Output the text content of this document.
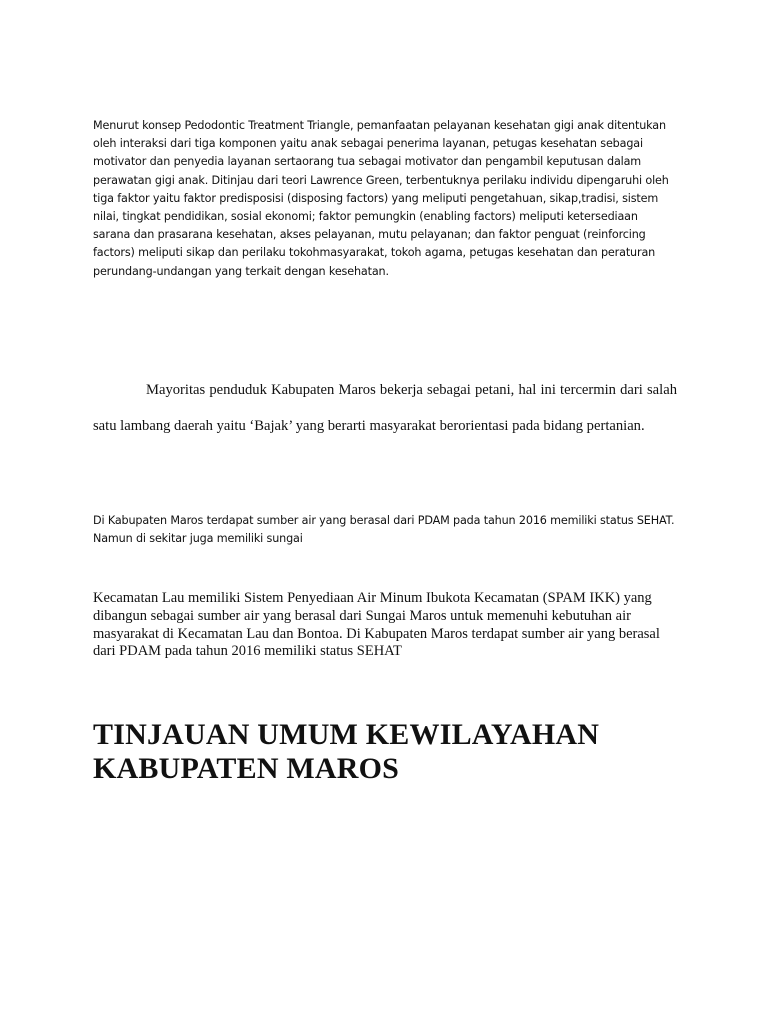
Menurut konsep Pedodontic Treatment Triangle, pemanfaatan pelayanan kesehatan gigi anak ditentukan oleh interaksi dari tiga komponen yaitu anak sebagai penerima layanan, petugas kesehatan sebagai motivator dan penyedia layanan sertaorang tua sebagai motivator dan pengambil keputusan dalam perawatan gigi anak. Ditinjau dari teori Lawrence Green, terbentuknya perilaku individu dipengaruhi oleh tiga faktor yaitu faktor predisposisi (disposing factors) yang meliputi pengetahuan, sikap,tradisi, sistem nilai, tingkat pendidikan, sosial ekonomi; faktor pemungkin (enabling factors) meliputi ketersediaan sarana dan prasarana kesehatan, akses pelayanan, mutu pelayanan; dan faktor penguat (reinforcing factors) meliputi sikap dan perilaku tokohmasyarakat, tokoh agama, petugas kesehatan dan peraturan perundang-undangan yang terkait dengan kesehatan.

Mayoritas penduduk Kabupaten Maros bekerja sebagai petani, hal ini tercermin dari salah satu lambang daerah yaitu ‘Bajak’ yang berarti masyarakat berorientasi pada bidang pertanian.

Di Kabupaten Maros terdapat sumber air yang berasal dari PDAM pada tahun 2016 memiliki status SEHAT. Namun di sekitar juga memiliki sungai

Kecamatan Lau memiliki Sistem Penyediaan Air Minum Ibukota Kecamatan (SPAM IKK) yang dibangun sebagai sumber air yang berasal dari Sungai Maros untuk memenuhi kebutuhan air masyarakat di Kecamatan Lau dan Bontoa. Di Kabupaten Maros terdapat sumber air yang berasal dari PDAM pada tahun 2016 memiliki status SEHAT

TINJAUAN UMUM KEWILAYAHAN KABUPATEN MAROS
